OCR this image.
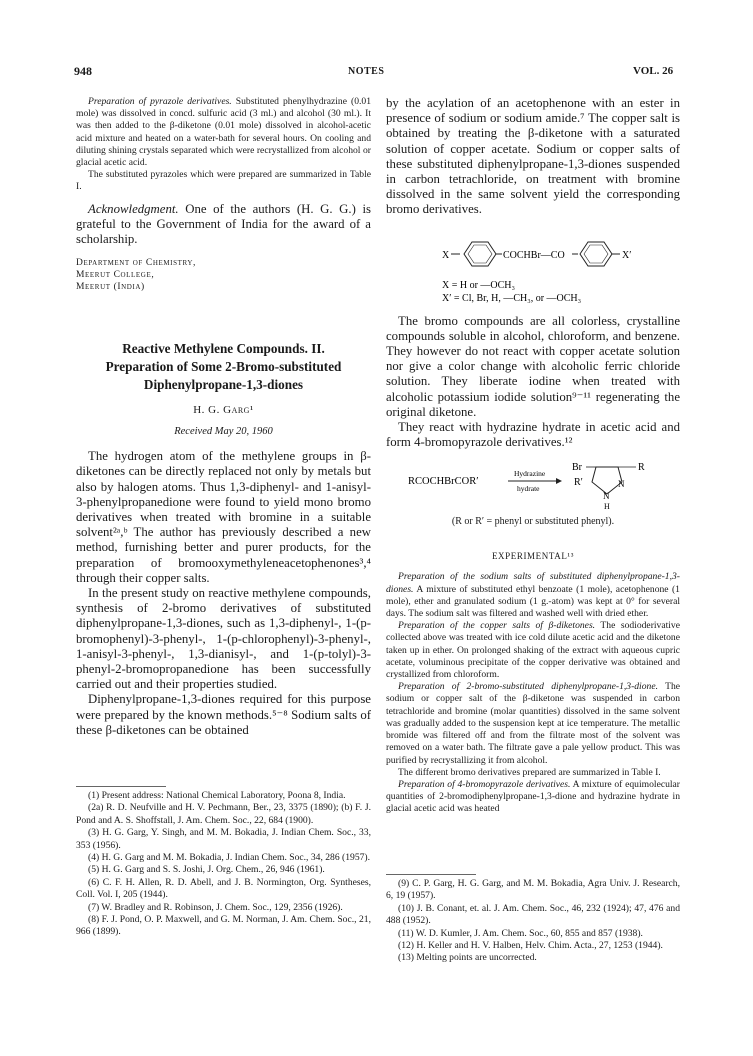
948	NOTES	VOL. 26

Preparation of pyrazole derivatives. Substituted phenylhydrazine (0.01 mole) was dissolved in concd. sulfuric acid (3 ml.) and alcohol (30 ml.). It was then added to the β-diketone (0.01 mole) dissolved in alcohol-acetic acid mixture and heated on a water-bath for several hours. On cooling and diluting shining crystals separated which were recrystallized from alcohol or glacial acetic acid.

The substituted pyrazoles which were prepared are summarized in Table I.

Acknowledgment. One of the authors (H. G. G.) is grateful to the Government of India for the award of a scholarship.

Department of Chemistry,
Meerut College,
Meerut (India)
Reactive Methylene Compounds. II.
Preparation of Some 2-Bromo-substituted
Diphenylpropane-1,3-diones
H. G. Garg¹
Received May 20, 1960

The hydrogen atom of the methylene groups in β-diketones can be directly replaced not only by metals but also by halogen atoms. Thus 1,3-diphenyl- and 1-anisyl-3-phenylpropanedione were found to yield mono bromo derivatives when treated with bromine in a suitable solvent²ᵃ,ᵇ The author has previously described a new method, furnishing better and purer products, for the preparation of bromooxymethyleneacetophenones³,⁴ through their copper salts.

In the present study on reactive methylene compounds, synthesis of 2-bromo derivatives of substituted diphenylpropane-1,3-diones, such as 1,3-diphenyl-, 1-(p-bromophenyl)-3-phenyl-, 1-(p-chlorophenyl)-3-phenyl-, 1-anisyl-3-phenyl-, 1,3-dianisyl-, and 1-(p-tolyl)-3-phenyl-2-bromopropanedione has been successfully carried out and their properties studied.

Diphenylpropane-1,3-diones required for this purpose were prepared by the known methods.⁵⁻⁸ Sodium salts of these β-diketones can be obtained

(1) Present address: National Chemical Laboratory, Poona 8, India.

(2a) R. D. Neufville and H. V. Pechmann, Ber., 23, 3375 (1890); (b) F. J. Pond and A. S. Shoffstall, J. Am. Chem. Soc., 22, 684 (1900).

(3) H. G. Garg, Y. Singh, and M. M. Bokadia, J. Indian Chem. Soc., 33, 353 (1956).

(4) H. G. Garg and M. M. Bokadia, J. Indian Chem. Soc., 34, 286 (1957).

(5) H. G. Garg and S. S. Joshi, J. Org. Chem., 26, 946 (1961).

(6) C. F. H. Allen, R. D. Abell, and J. B. Normington, Org. Syntheses, Coll. Vol. I, 205 (1944).

(7) W. Bradley and R. Robinson, J. Chem. Soc., 129, 2356 (1926).

(8) F. J. Pond, O. P. Maxwell, and G. M. Norman, J. Am. Chem. Soc., 21, 966 (1899).

by the acylation of an acetophenone with an ester in presence of sodium or sodium amide.⁷ The copper salt is obtained by treating the β-diketone with a saturated solution of copper acetate. Sodium or copper salts of these substituted diphenylpropane-1,3-diones suspended in carbon tetrachloride, on treatment with bromine dissolved in the same solvent yield the corresponding bromo derivatives.

X	COCHBr—CO	X′
X = H or —OCH₃
X′ = Cl, Br, H, —CH₃, or —OCH₃

The bromo compounds are all colorless, crystalline compounds soluble in alcohol, chloroform, and benzene. They however do not react with copper acetate solution nor give a color change with alcoholic ferric chloride solution. They liberate iodine when treated with alcoholic potassium iodide solution⁹⁻¹¹ regenerating the original diketone.

They react with hydrazine hydrate in acetic acid and form 4-bromopyrazole derivatives.¹²

RCOCHBrCOR′
Hydrazine
hydrate
Br	R
R′	N
N
H
(R or R′ = phenyl or substituted phenyl).
EXPERIMENTAL¹³

Preparation of the sodium salts of substituted diphenylpropane-1,3-diones. A mixture of substituted ethyl benzoate (1 mole), acetophenone (1 mole), ether and granulated sodium (1 g.-atom) was kept at 0° for several days. The sodium salt was filtered and washed well with dried ether.

Preparation of the copper salts of β-diketones. The sodioderivative collected above was treated with ice cold dilute acetic acid and the diketone taken up in ether. On prolonged shaking of the extract with aqueous cupric acetate, voluminous precipitate of the copper derivative was obtained and crystallized from chloroform.

Preparation of 2-bromo-substituted diphenylpropane-1,3-dione. The sodium or copper salt of the β-diketone was suspended in carbon tetrachloride and bromine (molar quantities) dissolved in the same solvent was gradually added to the suspension kept at ice temperature. The metallic bromide was filtered off and from the filtrate most of the solvent was removed on a water bath. The filtrate gave a pale yellow product. This was purified by recrystallizing it from alcohol.

The different bromo derivatives prepared are summarized in Table I.

Preparation of 4-bromopyrazole derivatives. A mixture of equimolecular quantities of 2-bromodiphenylpropane-1,3-dione and hydrazine hydrate in glacial acetic acid was heated

(9) C. P. Garg, H. G. Garg, and M. M. Bokadia, Agra Univ. J. Research, 6, 19 (1957).

(10) J. B. Conant, et. al. J. Am. Chem. Soc., 46, 232 (1924); 47, 476 and 488 (1952).

(11) W. D. Kumler, J. Am. Chem. Soc., 60, 855 and 857 (1938).

(12) H. Keller and H. V. Halben, Helv. Chim. Acta., 27, 1253 (1944).

(13) Melting points are uncorrected.
